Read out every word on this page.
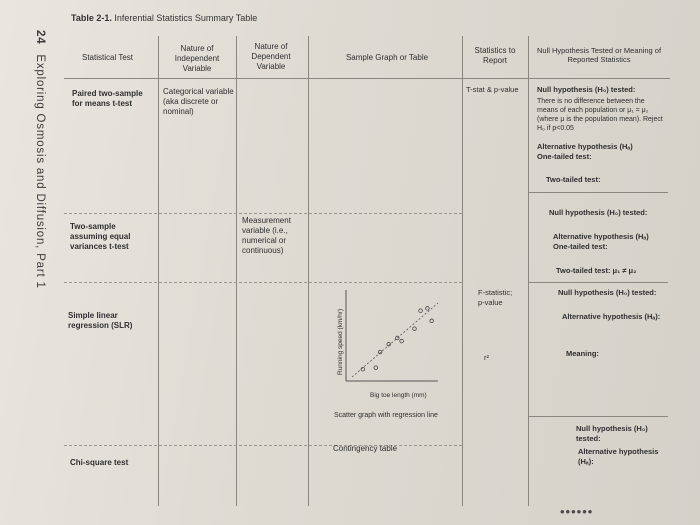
24 Exploring Osmosis and Diffusion, Part 1
Table 2-1. Inferential Statistics Summary Table
Statistical Test
Nature of Independent Variable
Nature of Dependent Variable
Sample Graph or Table
Statistics to Report
Null Hypothesis Tested or Meaning of Reported Statistics
Paired two-sample for means t-test
Categorical variable (aka discrete or nominal)
T-stat & p-value	Null hypothesis (H₀) tested:
There is no difference between the means of each population or μ₁ = μ₂ (where μ is the population mean). Reject H₀ if p<0.05
Alternative hypothesis (Hₐ)
One-tailed test:
Two-tailed test:
Two-sample assuming equal variances t-test
Measurement variable (i.e., numerical or continuous)
Null hypothesis (H₀) tested:
Alternative hypothesis (Hₐ)
One-tailed test:
Two-tailed test: μ₁ ≠ μ₂
Simple linear regression (SLR)
F-statistic;
p-value
r²
Null hypothesis (H₀) tested:
Alternative hypothesis (Hₐ):
Meaning:
Running speed (km/hr)
Big toe length (mm)
Scatter graph with regression line
Chi-square test
Contingency table
Null hypothesis (H₀) tested:
Alternative hypothesis (Hₐ):
••••••
